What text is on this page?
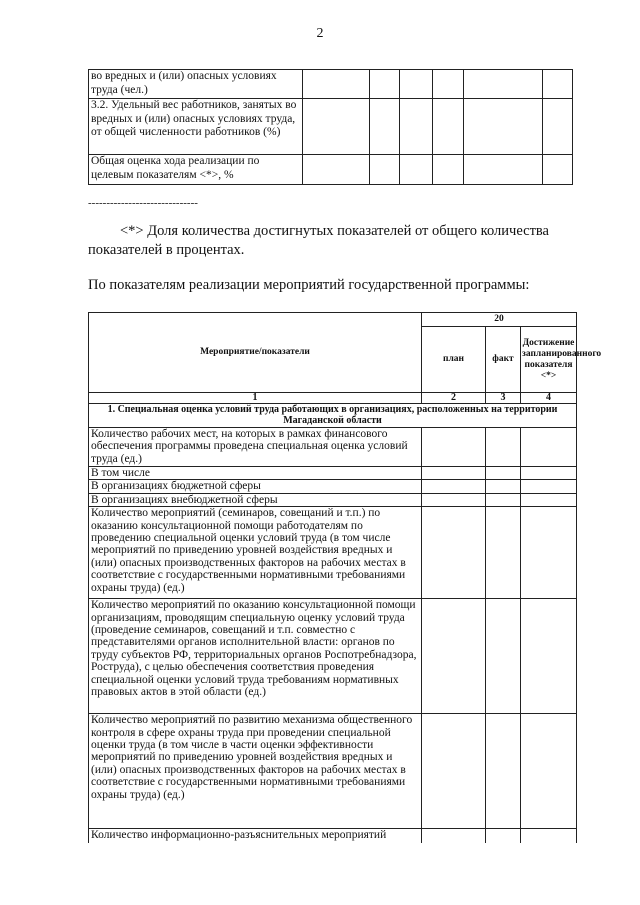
2
во вредных и (или) опасных условиях труда (чел.)						
3.2. Удельный вес работников, занятых во вредных и (или) опасных условиях труда, от общей численности работников (%)						
Общая оценка хода реализации по целевым показателям <*>, %						
------------------------------
<*> Доля количества достигнутых показателей от общего количества показателей в процентах.
По показателям реализации мероприятий государственной программы:
Мероприятие/показатели	20		
	план	факт	Достижение запланированного показателя <*>
1	2	3	4
1. Специальная оценка условий труда работающих в организациях, расположенных на территории Магаданской области			
Количество рабочих мест, на которых в рамках финансового обеспечения программы проведена специальная оценка условий труда (ед.)			
В том числе			
В организациях бюджетной сферы			
В организациях внебюджетной сферы			
Количество мероприятий (семинаров, совещаний и т.п.) по оказанию консультационной помощи работодателям по проведению специальной оценки условий труда (в том числе мероприятий по приведению уровней воздействия вредных и (или) опасных производственных факторов на рабочих местах в соответствие с государственными нормативными требованиями охраны труда) (ед.)			
Количество мероприятий по оказанию консультационной помощи организациям, проводящим специальную оценку условий труда (проведение семинаров, совещаний и т.п. совместно с представителями органов исполнительной власти: органов по труду субъектов РФ, территориальных органов Роспотребнадзора, Роструда), с целью обеспечения соответствия проведения специальной оценки условий труда требованиям нормативных правовых актов в этой области (ед.)			
Количество мероприятий по развитию механизма общественного контроля в сфере охраны труда при проведении специальной оценки труда (в том числе в части оценки эффективности мероприятий по приведению уровней воздействия вредных и (или) опасных производственных факторов на рабочих местах в соответствие с государственными нормативными требованиями охраны труда) (ед.)			
Количество информационно-разъяснительных мероприятий			
